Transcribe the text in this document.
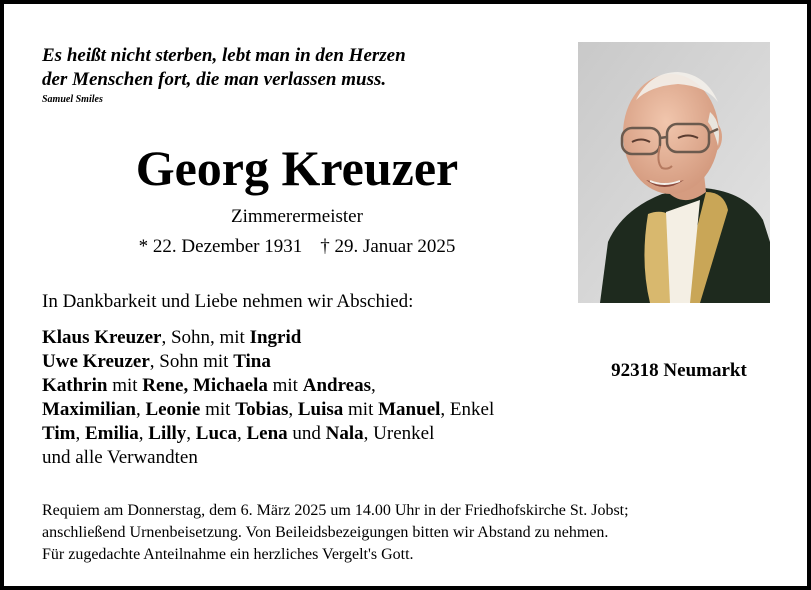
Es heißt nicht sterben, lebt man in den Herzen
der Menschen fort, die man verlassen muss.
Samuel Smiles
Georg Kreuzer
Zimmerermeister
* 22. Dezember 1931 † 29. Januar 2025
In Dankbarkeit und Liebe nehmen wir Abschied:
Klaus Kreuzer, Sohn, mit Ingrid
Uwe Kreuzer, Sohn mit Tina
Kathrin mit Rene, Michaela mit Andreas,
Maximilian, Leonie mit Tobias, Luisa mit Manuel, Enkel
Tim, Emilia, Lilly, Luca, Lena und Nala, Urenkel
und alle Verwandten
92318 Neumarkt
Requiem am Donnerstag, dem 6. März 2025 um 14.00 Uhr in der Friedhofskirche St. Jobst;
anschließend Urnenbeisetzung. Von Beileidsbezeigungen bitten wir Abstand zu nehmen.
Für zugedachte Anteilnahme ein herzliches Vergelt's Gott.
